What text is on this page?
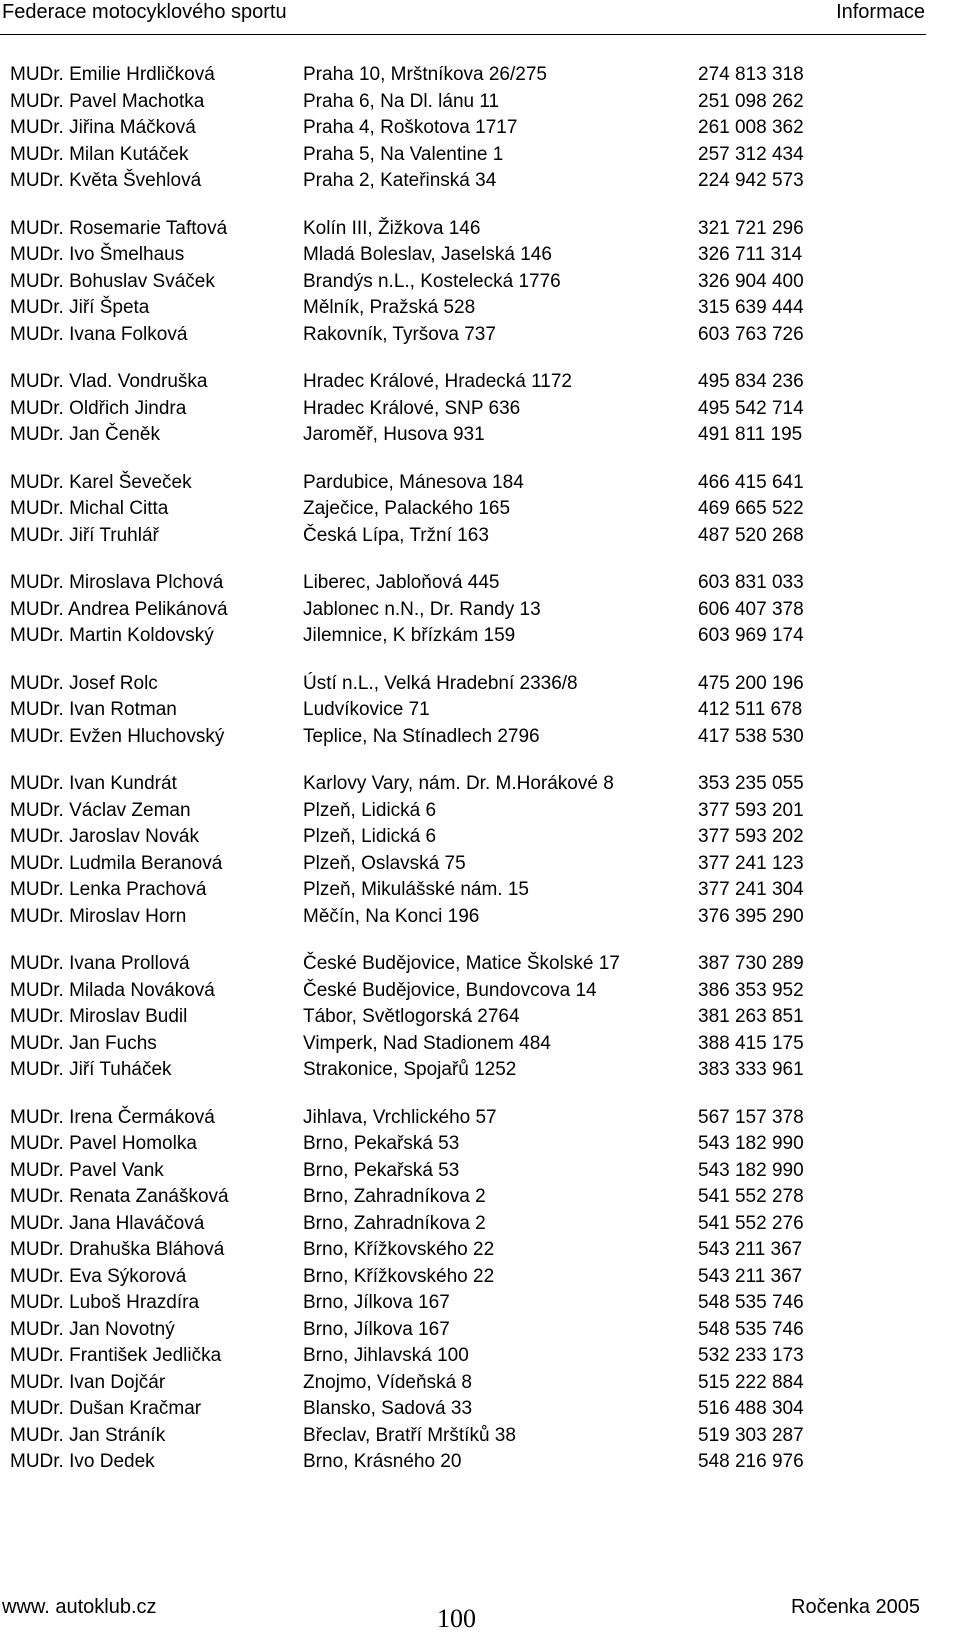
Federace motocyklového sportu	Informace
MUDr. Emilie Hrdličková	Praha 10, Mrštníkova 26/275	274 813 318
MUDr. Pavel Machotka	Praha 6, Na Dl. lánu 11	251 098 262
MUDr. Jiřina Máčková	Praha 4, Roškotova 1717	261 008 362
MUDr. Milan Kutáček	Praha 5, Na Valentine 1	257 312 434
MUDr. Květa Švehlová	Praha 2, Kateřinská 34	224 942 573
MUDr. Rosemarie Taftová	Kolín III, Žižkova 146	321 721 296
MUDr. Ivo Šmelhaus	Mladá Boleslav, Jaselská 146	326 711 314
MUDr. Bohuslav Sváček	Brandýs n.L., Kostelecká 1776	326 904 400
MUDr. Jiří Špeta	Mělník, Pražská 528	315 639 444
MUDr. Ivana Folková	Rakovník, Tyršova 737	603 763 726
MUDr. Vlad. Vondruška	Hradec Králové, Hradecká 1172	495 834 236
MUDr. Oldřich Jindra	Hradec Králové, SNP 636	495 542 714
MUDr. Jan Čeněk	Jaroměř, Husova 931	491 811 195
MUDr. Karel Ševeček	Pardubice, Mánesova 184	466 415 641
MUDr. Michal Citta	Zaječice, Palackého 165	469 665 522
MUDr. Jiří Truhlář	Česká Lípa, Tržní 163	487 520 268
MUDr. Miroslava Plchová	Liberec, Jabloňová 445	603 831 033
MUDr. Andrea Pelikánová	Jablonec n.N., Dr. Randy 13	606 407 378
MUDr. Martin Koldovský	Jilemnice, K břízkám 159	603 969 174
MUDr. Josef Rolc	Ústí n.L., Velká Hradební 2336/8	475 200 196
MUDr. Ivan Rotman	Ludvíkovice 71	412 511 678
MUDr. Evžen Hluchovský	Teplice, Na Stínadlech 2796	417 538 530
MUDr. Ivan Kundrát	Karlovy Vary, nám. Dr. M.Horákové 8	353 235 055
MUDr. Václav Zeman	Plzeň, Lidická 6	377 593 201
MUDr. Jaroslav Novák	Plzeň, Lidická 6	377 593 202
MUDr. Ludmila Beranová	Plzeň, Oslavská 75	377 241 123
MUDr. Lenka Prachová	Plzeň, Mikulášské nám. 15	377 241 304
MUDr. Miroslav Horn	Měčín, Na Konci 196	376 395 290
MUDr. Ivana Prollová	České Budějovice, Matice Školské 17	387 730 289
MUDr. Milada Nováková	České Budějovice, Bundovcova 14	386 353 952
MUDr. Miroslav Budil	Tábor, Světlogorská 2764	381 263 851
MUDr. Jan Fuchs	Vimperk, Nad Stadionem 484	388 415 175
MUDr. Jiří Tuháček	Strakonice, Spojařů 1252	383 333 961
MUDr. Irena Čermáková	Jihlava, Vrchlického 57	567 157 378
MUDr. Pavel Homolka	Brno, Pekařská 53	543 182 990
MUDr. Pavel Vank	Brno, Pekařská 53	543 182 990
MUDr. Renata Zanášková	Brno, Zahradníkova 2	541 552 278
MUDr. Jana Hlaváčová	Brno, Zahradníkova 2	541 552 276
MUDr. Drahuška Bláhová	Brno, Křížkovského 22	543 211 367
MUDr. Eva Sýkorová	Brno, Křížkovského 22	543 211 367
MUDr. Luboš Hrazdíra	Brno, Jílkova 167	548 535 746
MUDr. Jan Novotný	Brno, Jílkova 167	548 535 746
MUDr. František Jedlička	Brno, Jihlavská 100	532 233 173
MUDr. Ivan Dojčár	Znojmo, Vídeňská 8	515 222 884
MUDr. Dušan Kračmar	Blansko, Sadová 33	516 488 304
MUDr. Jan Stráník	Břeclav, Bratří Mrštíků 38	519 303 287
MUDr. Ivo Dedek	Brno, Krásného 20	548 216 976
www. autoklub.cz	100	Ročenka 2005
